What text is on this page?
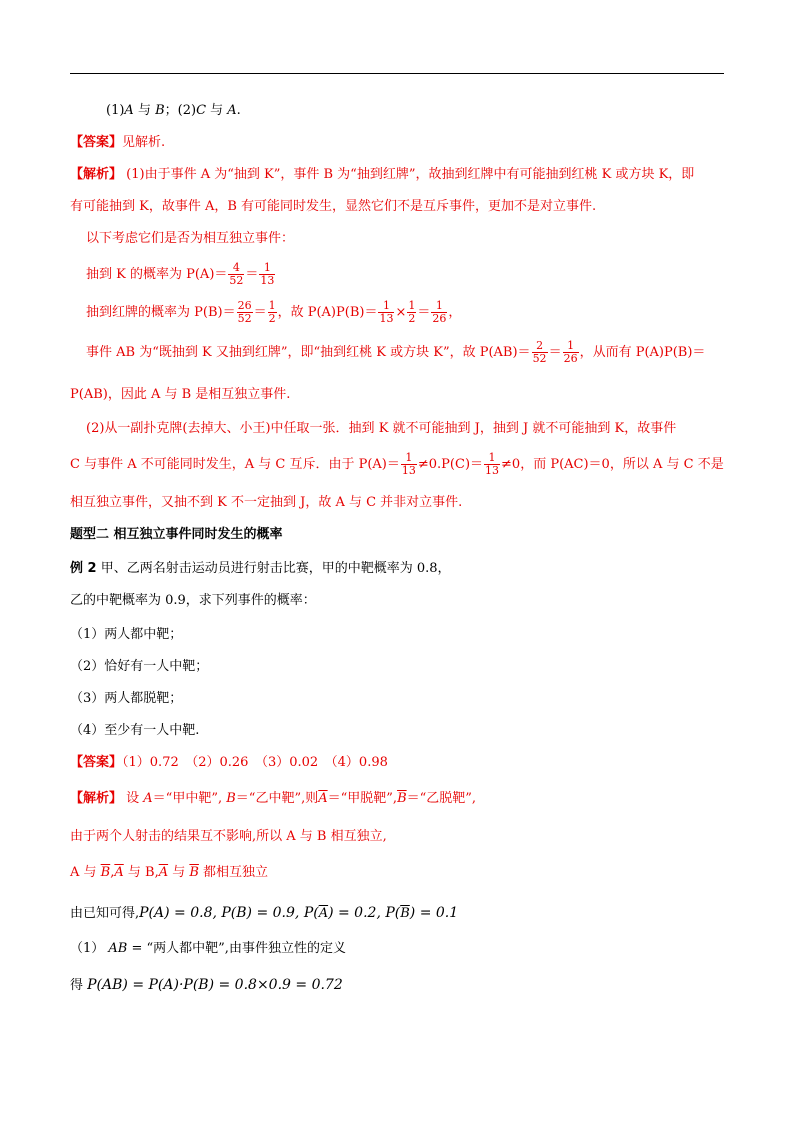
(1)A 与 B；(2)C 与 A.
【答案】见解析.
【解析】 (1)由于事件 A 为“抽到 K”，事件 B 为“抽到红牌”，故抽到红牌中有可能抽到红桃 K 或方块 K，即
有可能抽到 K，故事件 A，B 有可能同时发生，显然它们不是互斥事件，更加不是对立事件.
以下考虑它们是否为相互独立事件：
抽到 K 的概率为 $P(A)= \frac{4}{52} = \frac{1}{13}$
抽到红牌的概率为 $P(B)= \frac{26}{52} = \frac{1}{2}$ ，故 $P(A)P(B)= \frac{1}{13} \times \frac{1}{2} = \frac{1}{26}$ ，
事件 AB 为“既抽到 K 又抽到红牌”，即“抽到红桃 K 或方块 K”，故 $P(AB)= \frac{2}{52} = \frac{1}{26}$ ，从而有 P(A)P(B)＝
P(AB)，因此 A 与 B 是相互独立事件.
(2)从一副扑克牌(去掉大、小王)中任取一张．抽到 K 就不可能抽到 J，抽到 J 就不可能抽到 K，故事件
C 与事件 A 不可能同时发生，A 与 C 互斥．由于 $P(A)= \frac{1}{13} \ne 0.P(C)= \frac{1}{13} \ne 0$，而 P(AC)＝0，所以 A 与 C 不是
相互独立事件，又抽不到 K 不一定抽到 J，故 A 与 C 并非对立事件.
题型二 相互独立事件同时发生的概率
例 2 甲、乙两名射击运动员进行射击比赛，甲的中靶概率为 0.8，
乙的中靶概率为 0.9，求下列事件的概率：
（1）两人都中靶；
（2）恰好有一人中靶；
（3）两人都脱靶；
（4）至少有一人中靶.
【答案】（1）0.72　（2）0.26　（3）0.02　（4）0.98
【解析】 设 A＝“甲中靶”, B＝“乙中靶”,则$\overline{A}=“$甲脱靶$”,\overline{B}=“$乙脱靶”,
由于两个人射击的结果互不影响,所以 A 与 B 相互独立,
A 与 $\overline{B},\overline{A}$ 与 $B,\overline{A}$ 与 $\overline{B}$ 都相互独立
由已知可得,P(A) = 0.8, P(B) = 0.9, $P(\overline{A}) = 0.2$, $P(\overline{B}) = 0.1$
（1） AB = “两人都中靶”,由事件独立性的定义
得 P(AB) = P(A)·P(B) = 0.8×0.9 = 0.72
